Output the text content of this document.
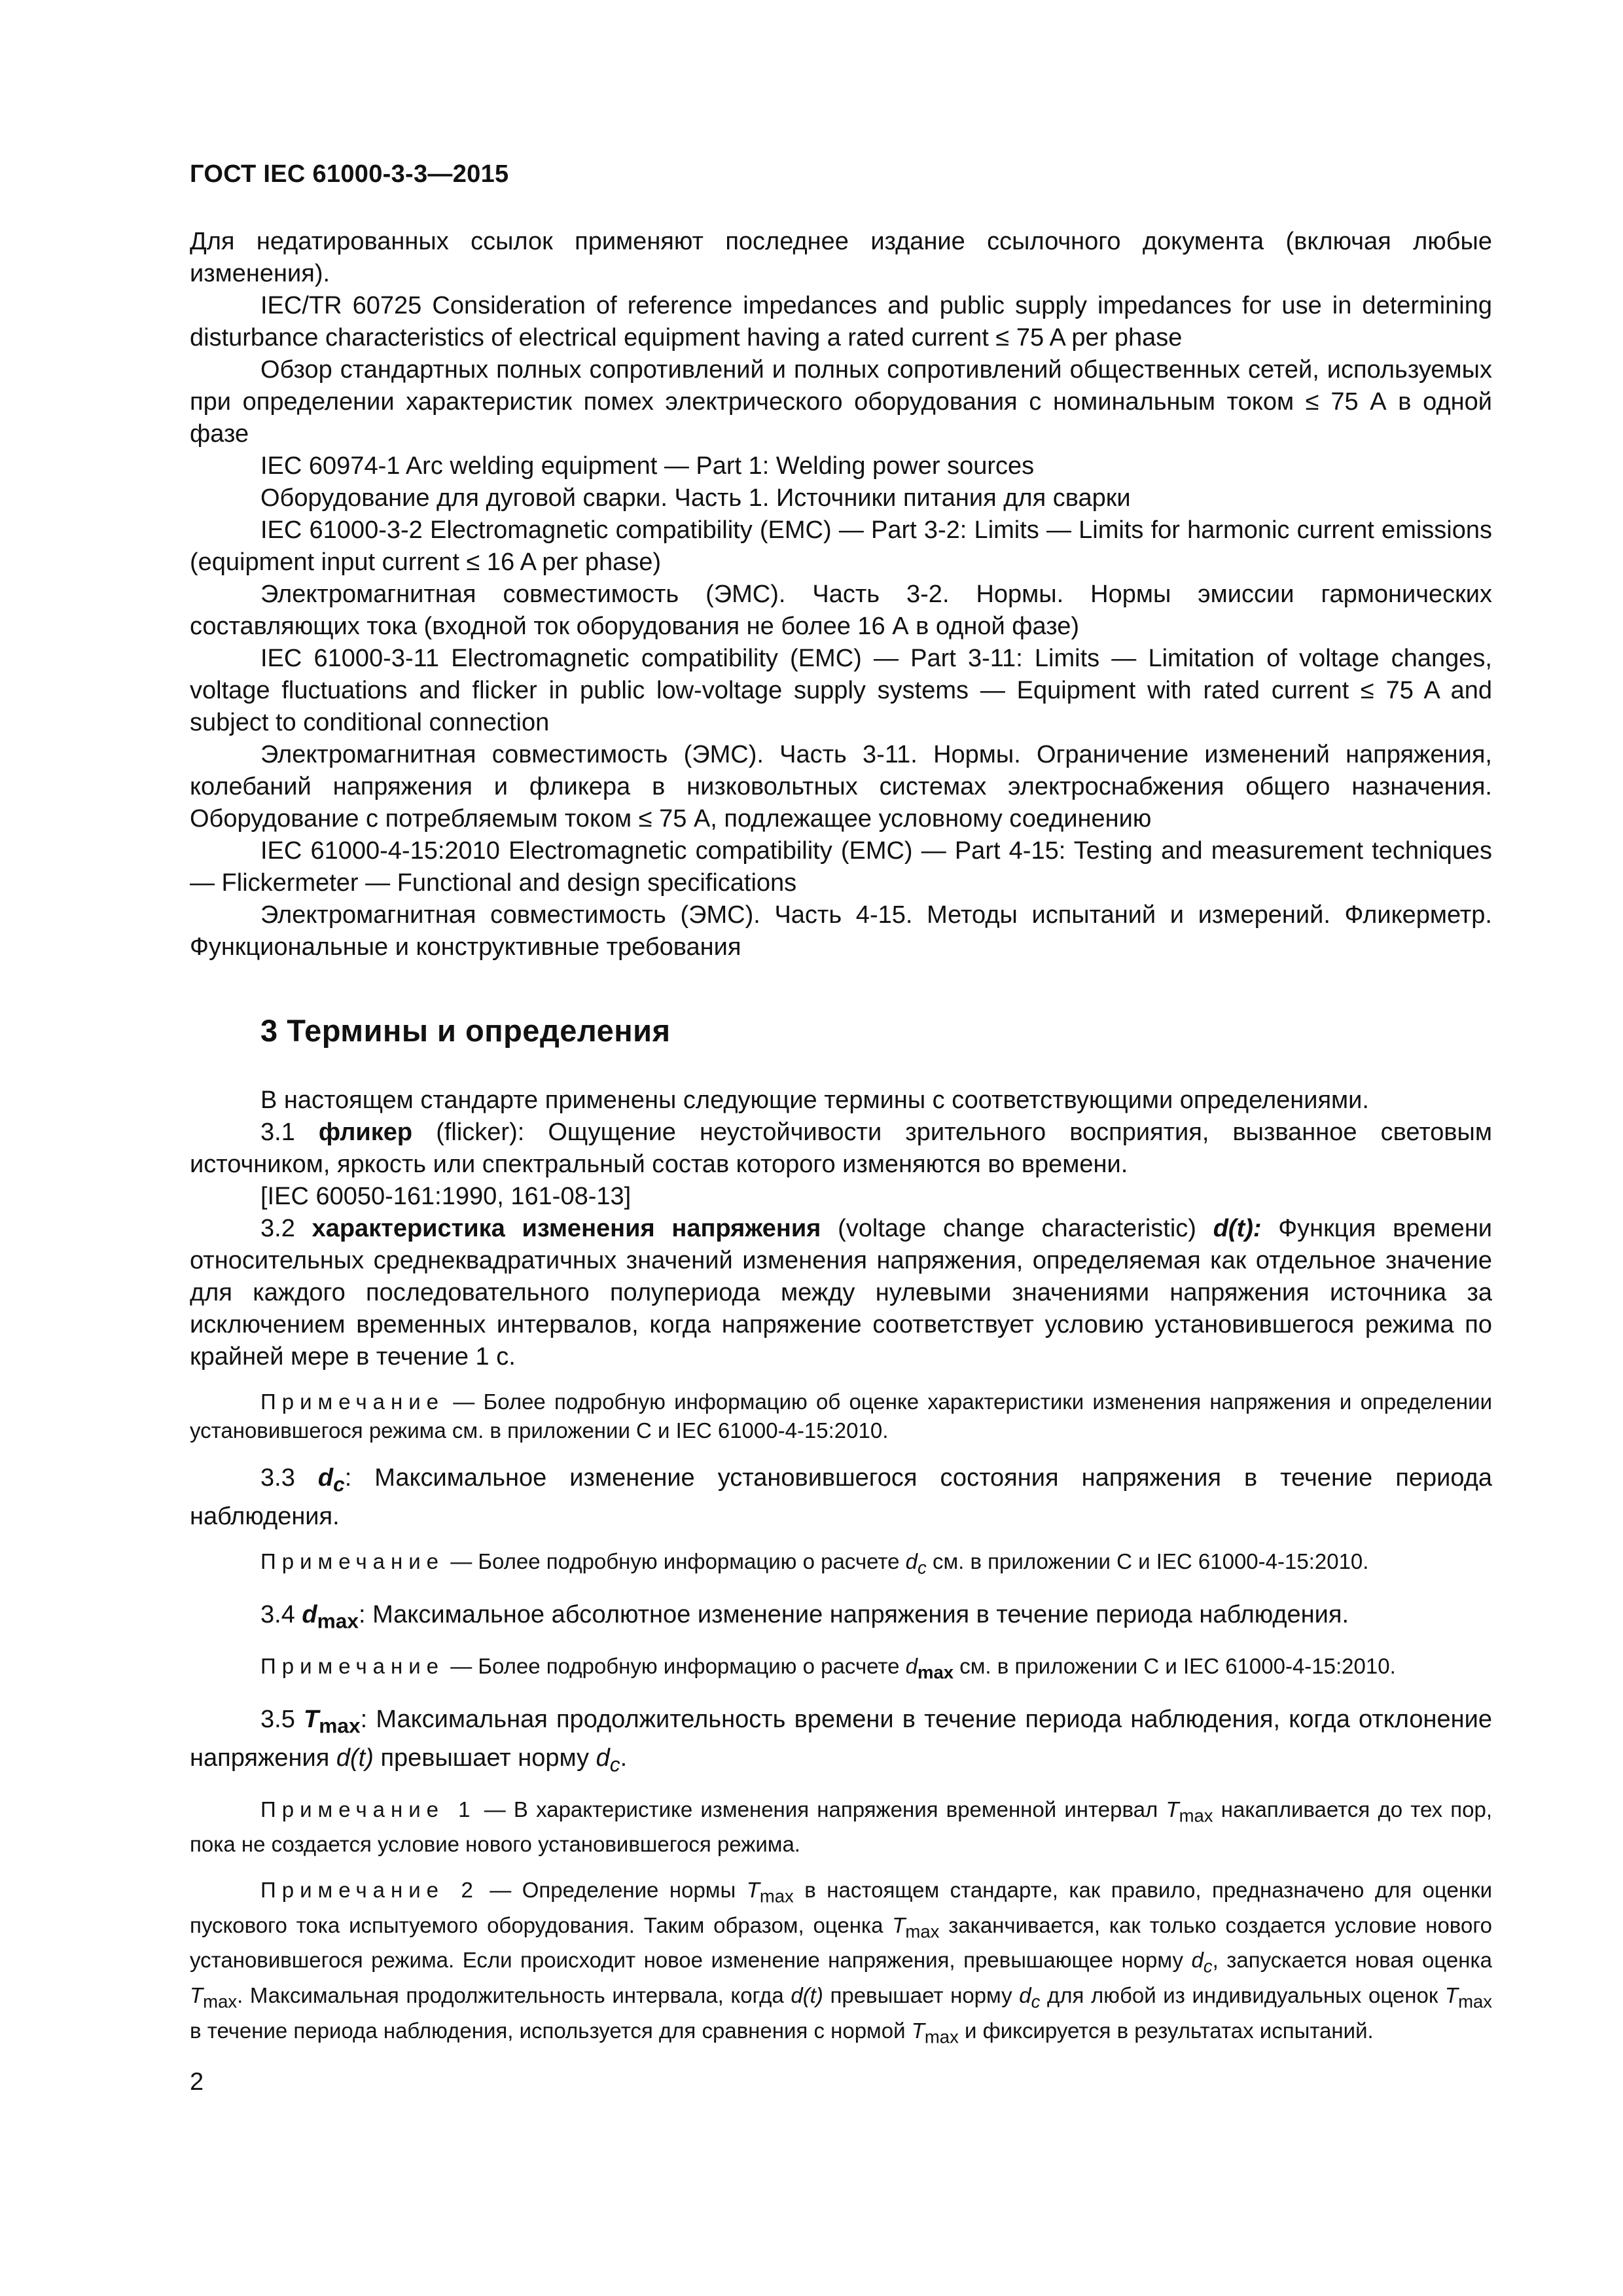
ГОСТ IEC 61000-3-3—2015

Для недатированных ссылок применяют последнее издание ссылочного документа (включая любые изменения).

IEC/TR 60725 Consideration of reference impedances and public supply impedances for use in determining disturbance characteristics of electrical equipment having a rated current ≤ 75 A per phase

Обзор стандартных полных сопротивлений и полных сопротивлений общественных сетей, используемых при определении характеристик помех электрического оборудования с номинальным током ≤ 75 А в одной фазе

IEC 60974-1 Arc welding equipment — Part 1: Welding power sources

Оборудование для дуговой сварки. Часть 1. Источники питания для сварки

IEC 61000-3-2 Electromagnetic compatibility (EMC) — Part 3-2: Limits — Limits for harmonic current emissions (equipment input current ≤ 16 A per phase)

Электромагнитная совместимость (ЭМС). Часть 3-2. Нормы. Нормы эмиссии гармонических составляющих тока (входной ток оборудования не более 16 А в одной фазе)

IEC 61000-3-11 Electromagnetic compatibility (EMC) — Part 3-11: Limits — Limitation of voltage changes, voltage fluctuations and flicker in public low-voltage supply systems — Equipment with rated current ≤ 75 A and subject to conditional connection

Электромагнитная совместимость (ЭМС). Часть 3-11. Нормы. Ограничение изменений напряжения, колебаний напряжения и фликера в низковольтных системах электроснабжения общего назначения. Оборудование с потребляемым током ≤ 75 А, подлежащее условному соединению

IEC 61000-4-15:2010 Electromagnetic compatibility (EMC) — Part 4-15: Testing and measurement techniques — Flickermeter — Functional and design specifications

Электромагнитная совместимость (ЭМС). Часть 4-15. Методы испытаний и измерений. Фликерметр. Функциональные и конструктивные требования

3 Термины и определения

В настоящем стандарте применены следующие термины с соответствующими определениями.

3.1 фликер (flicker): Ощущение неустойчивости зрительного восприятия, вызванное световым источником, яркость или спектральный состав которого изменяются во времени.

[IEC 60050-161:1990, 161-08-13]

3.2 характеристика изменения напряжения (voltage change characteristic) d(t): Функция времени относительных среднеквадратичных значений изменения напряжения, определяемая как отдельное значение для каждого последовательного полупериода между нулевыми значениями напряжения источника за исключением временных интервалов, когда напряжение соответствует условию установившегося режима по крайней мере в течение 1 с.

Примечание — Более подробную информацию об оценке характеристики изменения напряжения и определении установившегося режима см. в приложении С и IEC 61000-4-15:2010.

3.3 $d_c$: Максимальное изменение установившегося состояния напряжения в течение периода наблюдения.

Примечание — Более подробную информацию о расчете $d_c$ см. в приложении С и IEC 61000-4-15:2010.

3.4 $d_{max}$: Максимальное абсолютное изменение напряжения в течение периода наблюдения.

Примечание — Более подробную информацию о расчете $d_{max}$ см. в приложении С и IEC 61000-4-15:2010.

3.5 $T_{max}$: Максимальная продолжительность времени в течение периода наблюдения, когда отклонение напряжения d(t) превышает норму $d_c$.

Примечание 1 — В характеристике изменения напряжения временной интервал $T_{max}$ накапливается до тех пор, пока не создается условие нового установившегося режима.
Примечание 2 — Определение нормы $T_{max}$ в настоящем стандарте, как правило, предназначено для оценки пускового тока испытуемого оборудования. Таким образом, оценка $T_{max}$ заканчивается, как только создается условие нового установившегося режима. Если происходит новое изменение напряжения, превышающее норму $d_c$, запускается новая оценка $T_{max}$. Максимальная продолжительность интервала, когда d(t) превышает норму $d_c$ для любой из индивидуальных оценок $T_{max}$ в течение периода наблюдения, используется для сравнения с нормой $T_{max}$ и фиксируется в результатах испытаний.
2
